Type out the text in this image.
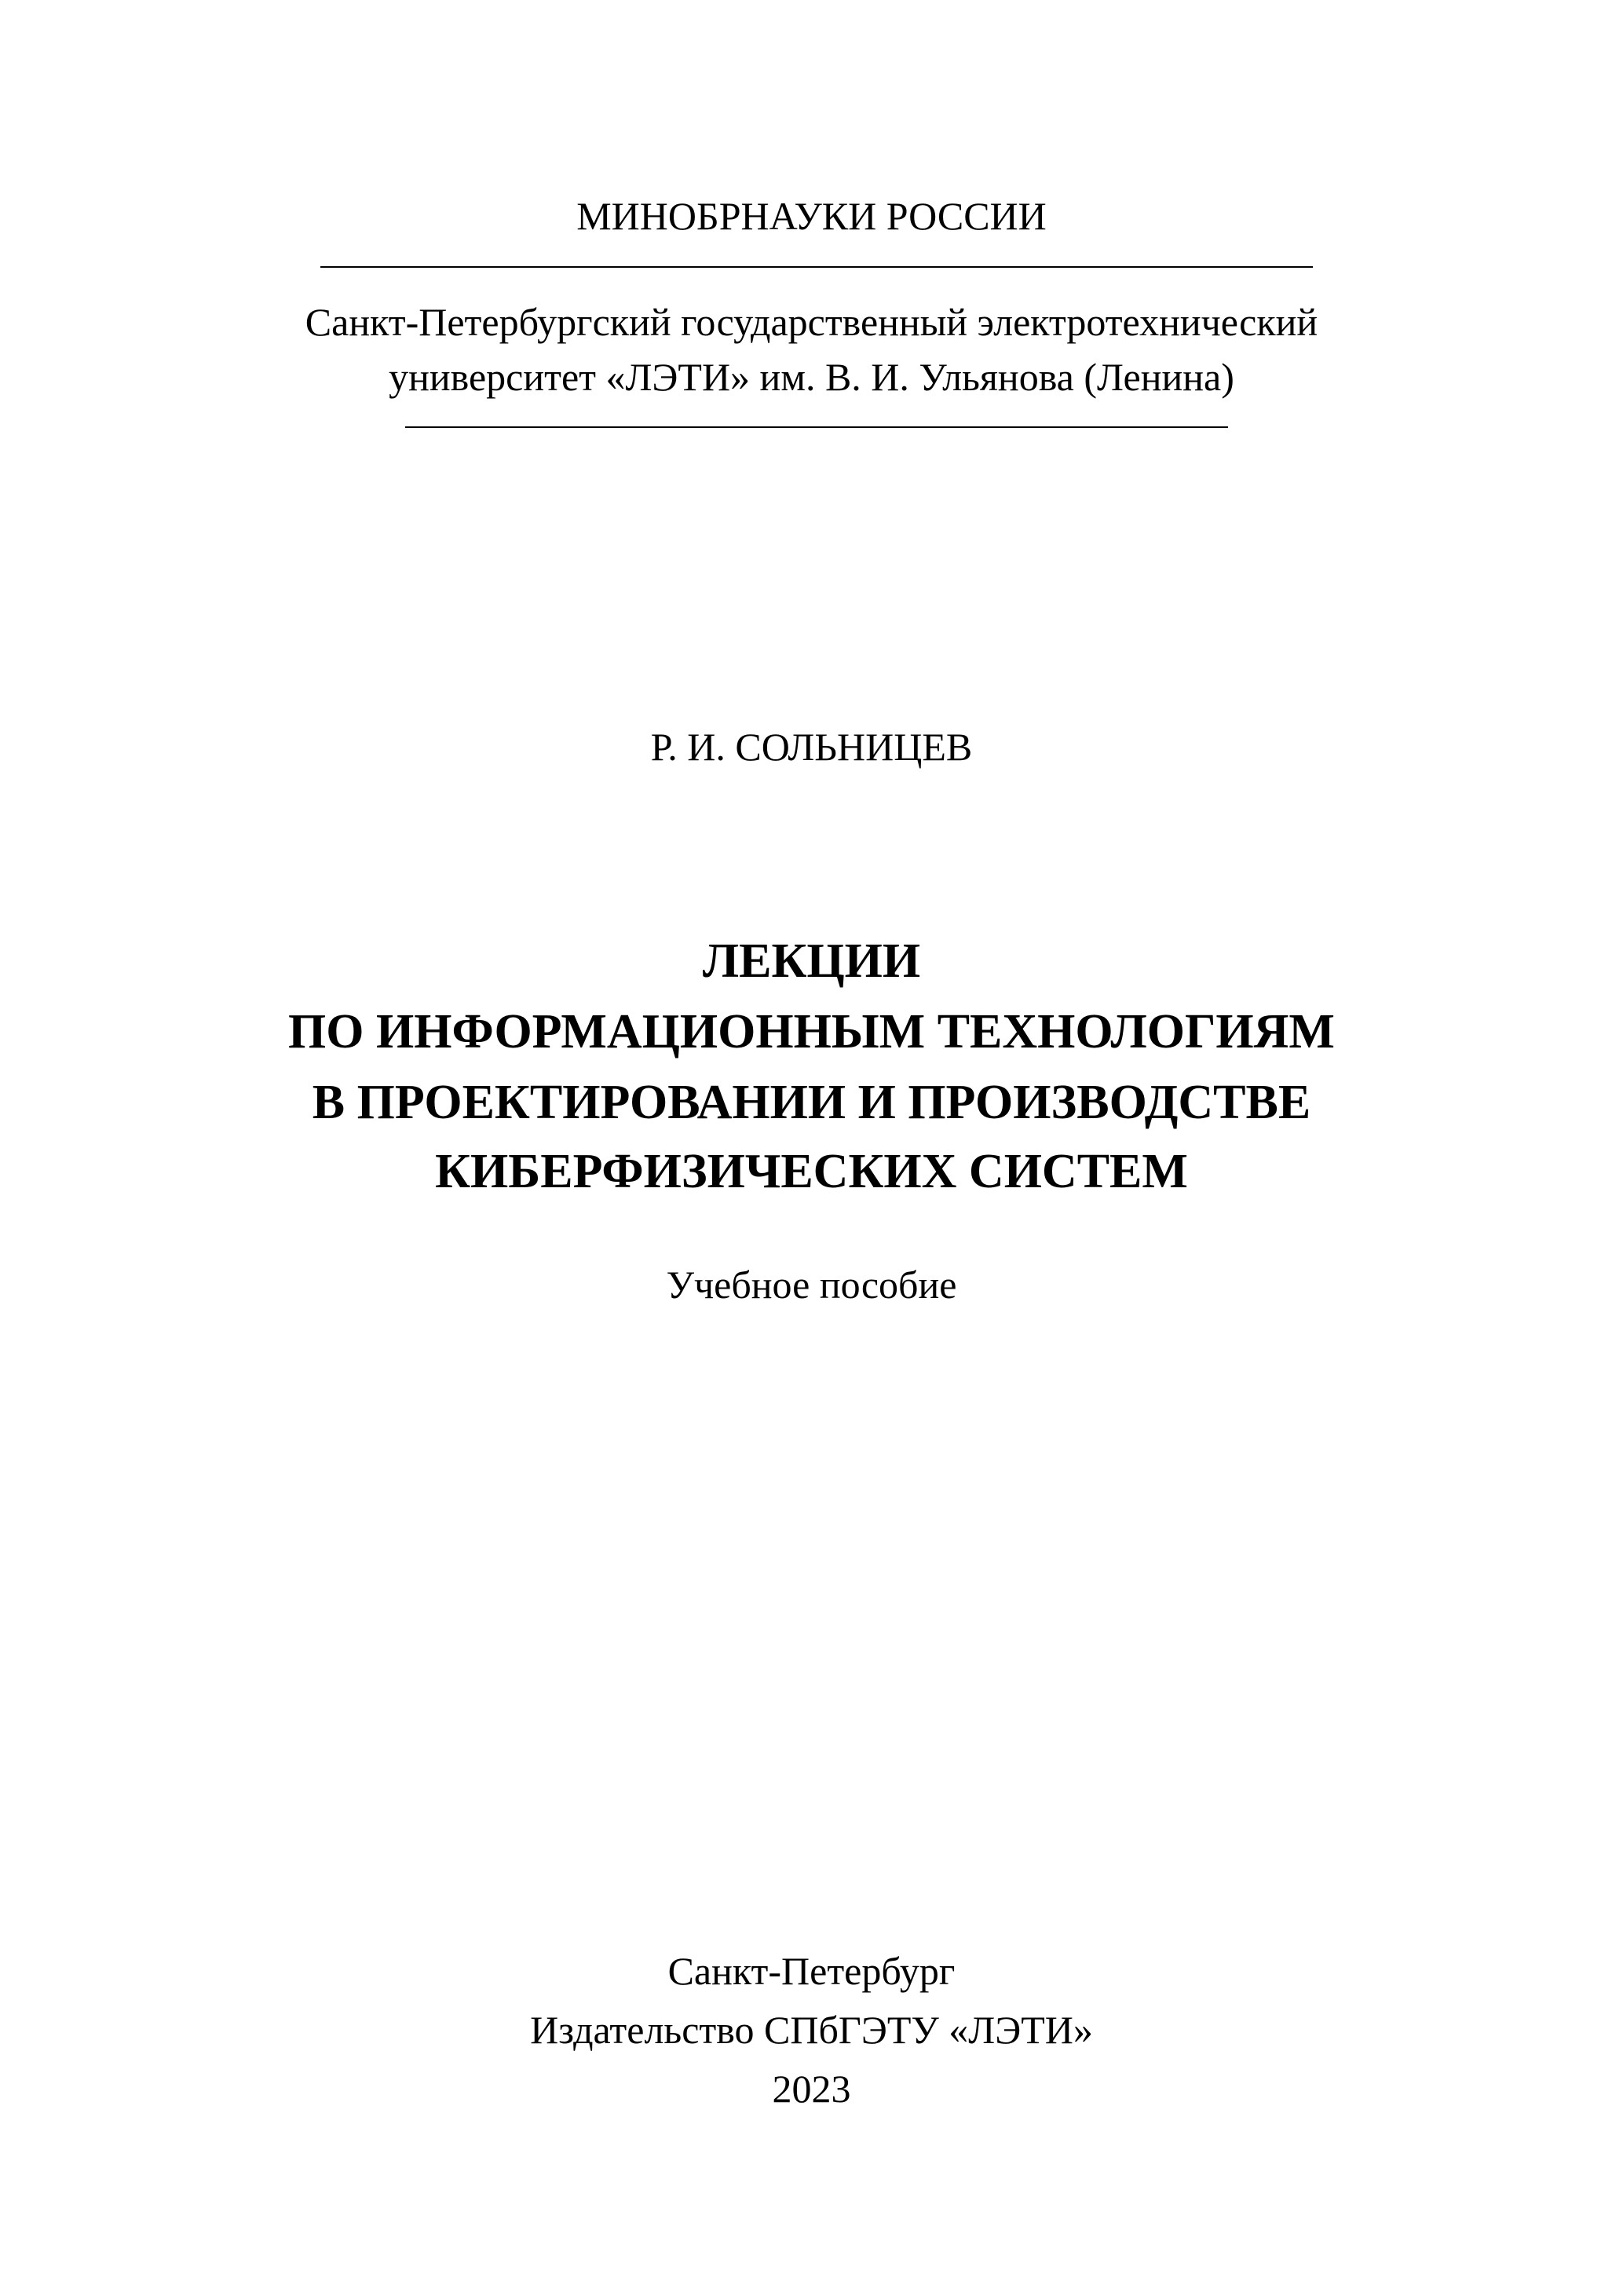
МИНОБРНАУКИ РОССИИ
Санкт-Петербургский государственный электротехнический
университет «ЛЭТИ» им. В. И. Ульянова (Ленина)
Р. И. СОЛЬНИЦЕВ
ЛЕКЦИИ
ПО ИНФОРМАЦИОННЫМ ТЕХНОЛОГИЯМ
В ПРОЕКТИРОВАНИИ И ПРОИЗВОДСТВЕ
КИБЕРФИЗИЧЕСКИХ СИСТЕМ
Учебное пособие
Санкт-Петербург
Издательство СПбГЭТУ «ЛЭТИ»
2023
